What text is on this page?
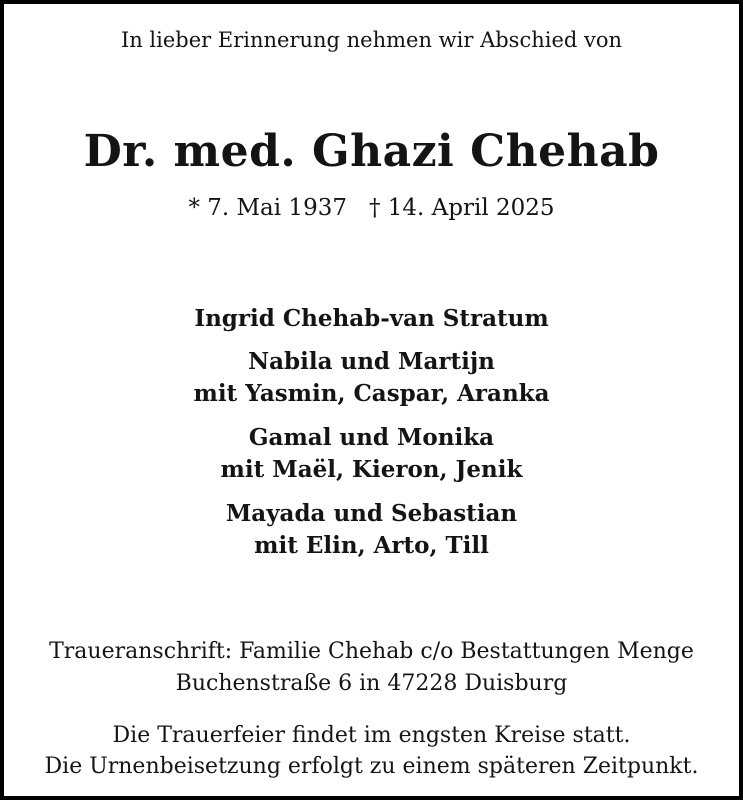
In lieber Erinnerung nehmen wir Abschied von

Dr. med. Ghazi Chehab

* 7. Mai 1937 † 14. April 2025

Ingrid Chehab-van Stratum

Nabila und Martijn

mit Yasmin, Caspar, Aranka

Gamal und Monika

mit Maël, Kieron, Jenik

Mayada und Sebastian

mit Elin, Arto, Till

Traueranschrift: Familie Chehab c/o Bestattungen Menge

Buchenstraße 6 in 47228 Duisburg

Die Trauerfeier findet im engsten Kreise statt.

Die Urnenbeisetzung erfolgt zu einem späteren Zeitpunkt.
